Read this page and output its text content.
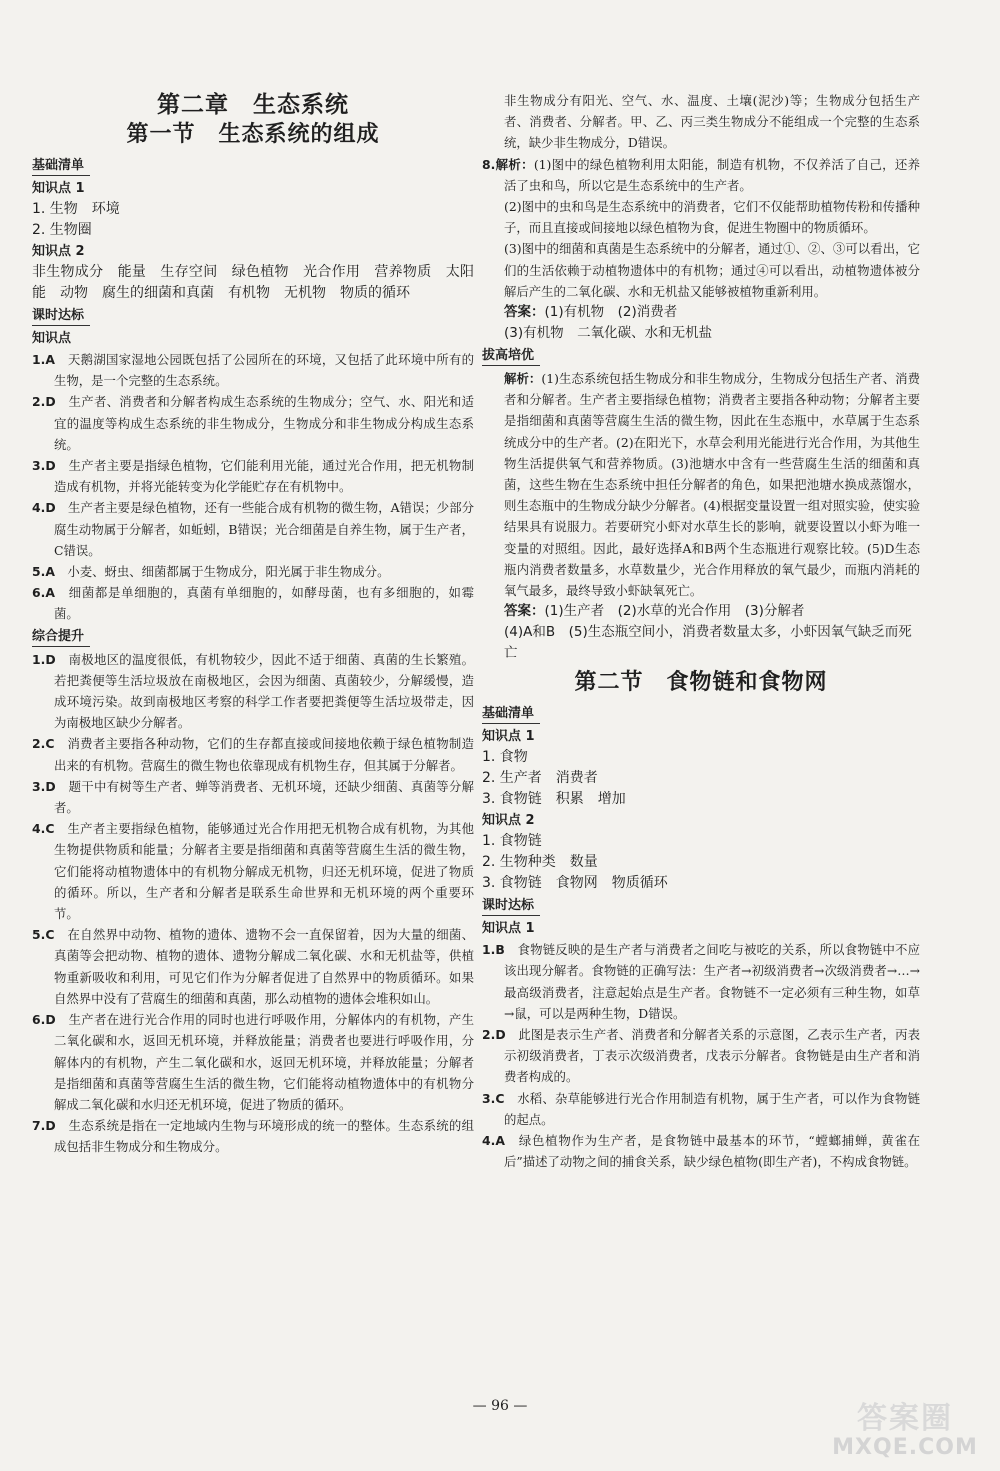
第二章　生态系统
第一节　生态系统的组成
基础清单

知识点 1

1. 生物　环境

2. 生物圈

知识点 2

非生物成分　能量　生存空间　绿色植物　光合作用　营养物质　太阳能　动物　腐生的细菌和真菌　有机物　无机物　物质的循环

课时达标

知识点

1.A　 天鹅湖国家湿地公园既包括了公园所在的环境，又包括了此环境中所有的生物，是一个完整的生态系统。

2.D　 生产者、消费者和分解者构成生态系统的生物成分；空气、水、阳光和适宜的温度等构成生态系统的非生物成分，生物成分和非生物成分构成生态系统。

3.D　 生产者主要是指绿色植物，它们能利用光能，通过光合作用，把无机物制造成有机物，并将光能转变为化学能贮存在有机物中。

4.D　 生产者主要是绿色植物，还有一些能合成有机物的微生物，A错误；少部分腐生动物属于分解者，如蚯蚓，B错误；光合细菌是自养生物，属于生产者，C错误。

5.A　 小麦、蚜虫、细菌都属于生物成分，阳光属于非生物成分。

6.A　 细菌都是单细胞的，真菌有单细胞的，如酵母菌，也有多细胞的，如霉菌。

综合提升

1.D　 南极地区的温度很低，有机物较少，因此不适于细菌、真菌的生长繁殖。若把粪便等生活垃圾放在南极地区，会因为细菌、真菌较少，分解缓慢，造成环境污染。故到南极地区考察的科学工作者要把粪便等生活垃圾带走，因为南极地区缺少分解者。

2.C　 消费者主要指各种动物，它们的生存都直接或间接地依赖于绿色植物制造出来的有机物。营腐生的微生物也依靠现成有机物生存，但其属于分解者。

3.D　 题干中有树等生产者、蝉等消费者、无机环境，还缺少细菌、真菌等分解者。

4.C　 生产者主要指绿色植物，能够通过光合作用把无机物合成有机物，为其他生物提供物质和能量；分解者主要是指细菌和真菌等营腐生生活的微生物，它们能将动植物遗体中的有机物分解成无机物，归还无机环境，促进了物质的循环。所以，生产者和分解者是联系生命世界和无机环境的两个重要环节。

5.C　 在自然界中动物、植物的遗体、遗物不会一直保留着，因为大量的细菌、真菌等会把动物、植物的遗体、遗物分解成二氧化碳、水和无机盐等，供植物重新吸收和利用，可见它们作为分解者促进了自然界中的物质循环。如果自然界中没有了营腐生的细菌和真菌，那么动植物的遗体会堆积如山。

6.D　 生产者在进行光合作用的同时也进行呼吸作用，分解体内的有机物，产生二氧化碳和水，返回无机环境，并释放能量；消费者也要进行呼吸作用，分解体内的有机物，产生二氧化碳和水，返回无机环境，并释放能量；分解者是指细菌和真菌等营腐生生活的微生物，它们能将动植物遗体中的有机物分解成二氧化碳和水归还无机环境，促进了物质的循环。

7.D　 生态系统是指在一定地域内生物与环境形成的统一的整体。生态系统的组成包括非生物成分和生物成分。

非生物成分有阳光、空气、水、温度、土壤(泥沙)等；生物成分包括生产者、消费者、分解者。甲、乙、丙三类生物成分不能组成一个完整的生态系统，缺少非生物成分，D错误。

8.解析：(1)图中的绿色植物利用太阳能，制造有机物，不仅养活了自己，还养活了虫和鸟，所以它是生态系统中的生产者。

(2)图中的虫和鸟是生态系统中的消费者，它们不仅能帮助植物传粉和传播种子，而且直接或间接地以绿色植物为食，促进生物圈中的物质循环。

(3)图中的细菌和真菌是生态系统中的分解者，通过①、②、③可以看出，它们的生活依赖于动植物遗体中的有机物；通过④可以看出，动植物遗体被分解后产生的二氧化碳、水和无机盐又能够被植物重新利用。

答案：(1)有机物　(2)消费者

(3)有机物　二氧化碳、水和无机盐

拔高培优

解析：(1)生态系统包括生物成分和非生物成分，生物成分包括生产者、消费者和分解者。生产者主要指绿色植物；消费者主要指各种动物；分解者主要是指细菌和真菌等营腐生生活的微生物，因此在生态瓶中，水草属于生态系统成分中的生产者。(2)在阳光下，水草会利用光能进行光合作用，为其他生物生活提供氧气和营养物质。(3)池塘水中含有一些营腐生生活的细菌和真菌，这些生物在生态系统中担任分解者的角色，如果把池塘水换成蒸馏水，则生态瓶中的生物成分缺少分解者。(4)根据变量设置一组对照实验，使实验结果具有说服力。若要研究小虾对水草生长的影响，就要设置以小虾为唯一变量的对照组。因此，最好选择A和B两个生态瓶进行观察比较。(5)D生态瓶内消费者数量多，水草数量少，光合作用释放的氧气最少，而瓶内消耗的氧气最多，最终导致小虾缺氧死亡。

答案：(1)生产者　(2)水草的光合作用　(3)分解者

(4)A和B　(5)生态瓶空间小，消费者数量太多，小虾因氧气缺乏而死亡

第二节　食物链和食物网
基础清单

知识点 1

1. 食物

2. 生产者　消费者

3. 食物链　积累　增加

知识点 2

1. 食物链

2. 生物种类　数量

3. 食物链　食物网　物质循环

课时达标

知识点 1

1.B　 食物链反映的是生产者与消费者之间吃与被吃的关系，所以食物链中不应该出现分解者。食物链的正确写法：生产者→初级消费者→次级消费者→…→最高级消费者，注意起始点是生产者。食物链不一定必须有三种生物，如草→鼠，可以是两种生物，D错误。

2.D　 此图是表示生产者、消费者和分解者关系的示意图，乙表示生产者，丙表示初级消费者，丁表示次级消费者，戊表示分解者。食物链是由生产者和消费者构成的。

3.C　 水稻、杂草能够进行光合作用制造有机物，属于生产者，可以作为食物链的起点。

4.A　 绿色植物作为生产者，是食物链中最基本的环节，“螳螂捕蝉，黄雀在后”描述了动物之间的捕食关系，缺少绿色植物(即生产者)，不构成食物链。

— 96 —	答案圈
MXQE.COM
